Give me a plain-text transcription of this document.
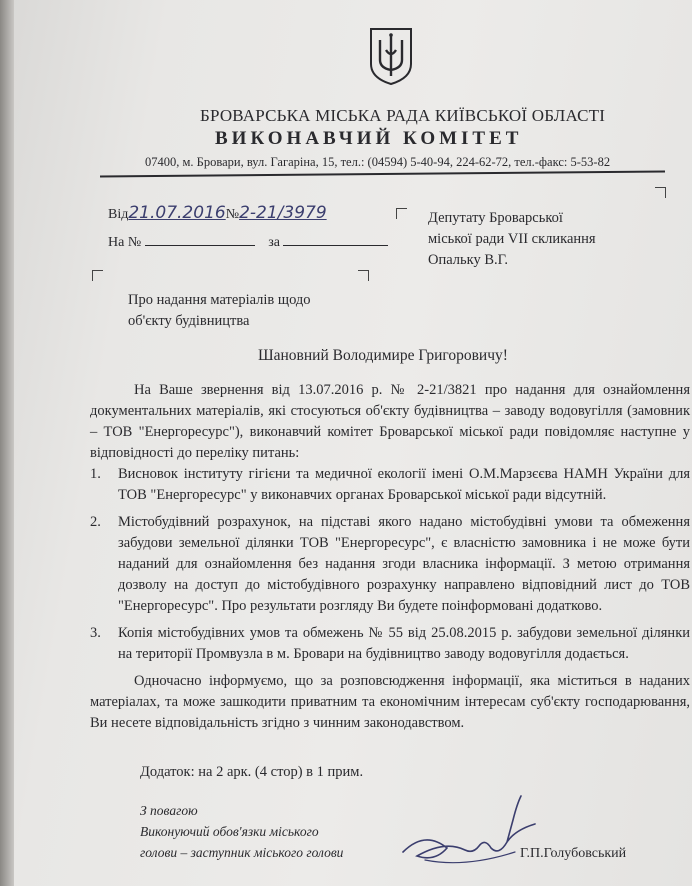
БРОВАРСЬКА МІСЬКА РАДА КИЇВСЬКОЇ ОБЛАСТІ
ВИКОНАВЧИЙ КОМІТЕТ
07400, м. Бровари, вул. Гагаріна, 15, тел.: (04594) 5-40-94, 224-62-72, тел.-факс: 5-53-82
Від21.07.2016№2-21/3979
На №	за
Депутату Броварської
міської ради VII скликання
Опальку В.Г.
Про надання матеріалів щодо
об'єкту будівництва
Шановний Володимире Григоровичу!

На Ваше звернення від 13.07.2016 р. № 2-21/3821 про надання для ознайомлення документальних матеріалів, які стосуються об'єкту будівництва – заводу водовугілля (замовник – ТОВ "Енергоресурс"), виконавчий комітет Броварської міської ради повідомляє наступне у відповідності до переліку питань:

1. Висновок інституту гігієни та медичної екології імені О.М.Марзєєва НАМН України для ТОВ "Енергоресурс" у виконавчих органах Броварської міської ради відсутній.
2. Містобудівний розрахунок, на підставі якого надано містобудівні умови та обмеження забудови земельної ділянки ТОВ "Енергоресурс", є власністю замовника і не може бути наданий для ознайомлення без надання згоди власника інформації. З метою отримання дозволу на доступ до містобудівного розрахунку направлено відповідний лист до ТОВ "Енергоресурс". Про результати розгляду Ви будете поінформовані додатково.
3. Копія містобудівних умов та обмежень № 55 від 25.08.2015 р. забудови земельної ділянки на території Промвузла в м. Бровари на будівництво заводу водовугілля додається.

Одночасно інформуємо, що за розповсюдження інформації, яка міститься в наданих матеріалах, та може зашкодити приватним та економічним інтересам суб'єкту господарювання, Ви несете відповідальність згідно з чинним законодавством.

Додаток: на 2 арк. (4 стор) в 1 прим.
З повагою
Виконуючий обов'язки міського
голови – заступник міського голови	Г.П.Голубовський
